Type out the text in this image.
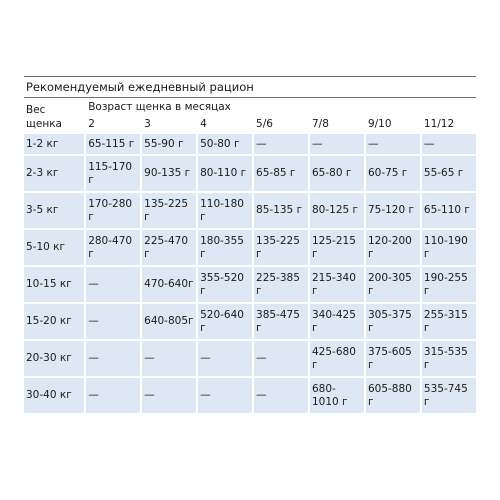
Рекомендуемый ежедневный рацион
Вес щенка	Возраст щенка в месяцах						
	2	3	4	5/6	7/8	9/10	11/12
1-2 кг	65-115 г	55-90 г	50-80 г	—	—	—	—
2-3 кг	115-170 г	90-135 г	80-110 г	65-85 г	65-80 г	60-75 г	55-65 г
3-5 кг	170-280 г	135-225 г	110-180 г	85-135 г	80-125 г	75-120 г	65-110 г
5-10 кг	280-470 г	225-470 г	180-355 г	135-225 г	125-215 г	120-200 г	110-190 г
10-15 кг	—	470-640г	355-520 г	225-385 г	215-340 г	200-305 г	190-255 г
15-20 кг	—	640-805г	520-640 г	385-475 г	340-425 г	305-375 г	255-315 г
20-30 кг	—	—	—	—	425-680 г	375-605 г	315-535 г
30-40 кг	—	—	—	—	680-1010 г	605-880 г	535-745 г
